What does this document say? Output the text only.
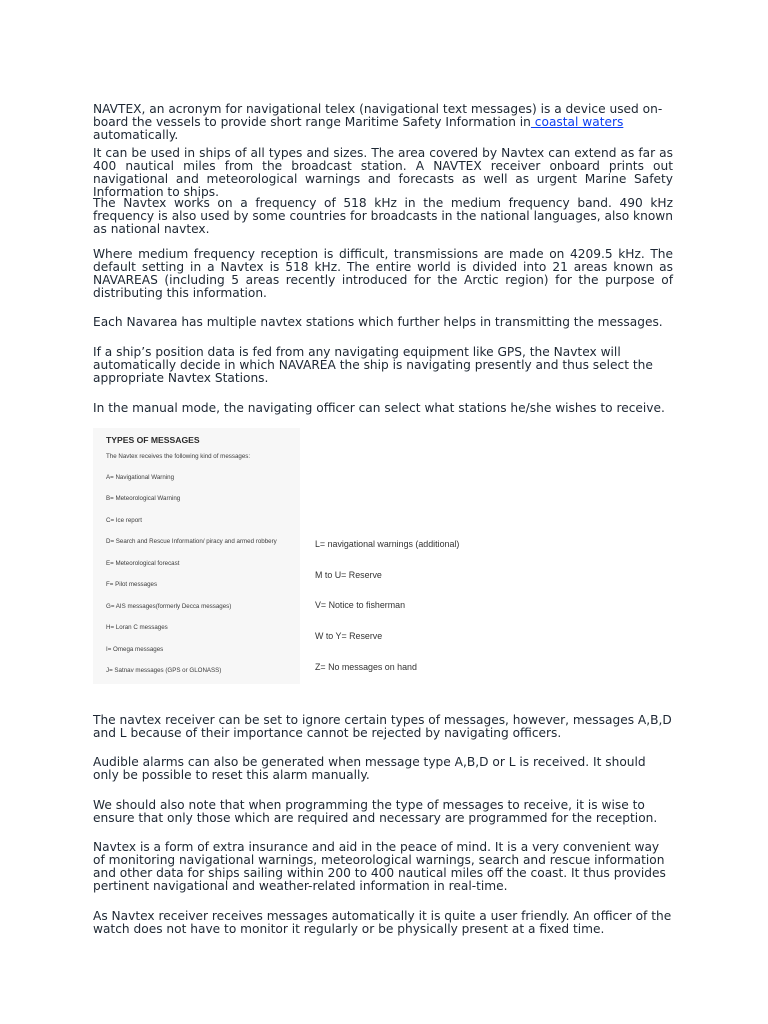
NAVTEX, an acronym for navigational telex (navigational text messages) is a device used on-board the vessels to provide short range Maritime Safety Information in coastal waters automatically.

It can be used in ships of all types and sizes. The area covered by Navtex can extend as far as 400 nautical miles from the broadcast station. A NAVTEX receiver onboard prints out navigational and meteorological warnings and forecasts as well as urgent Marine Safety Information to ships.

The Navtex works on a frequency of 518 kHz in the medium frequency band. 490 kHz frequency is also used by some countries for broadcasts in the national languages, also known as national navtex.

Where medium frequency reception is difficult, transmissions are made on 4209.5 kHz. The default setting in a Navtex is 518 kHz. The entire world is divided into 21 areas known as NAVAREAS (including 5 areas recently introduced for the Arctic region) for the purpose of distributing this information.

Each Navarea has multiple navtex stations which further helps in transmitting the messages.

If a ship’s position data is fed from any navigating equipment like GPS, the Navtex will automatically decide in which NAVAREA the ship is navigating presently and thus select the appropriate Navtex Stations.

In the manual mode, the navigating officer can select what stations he/she wishes to receive.

TYPES OF MESSAGES
The Navtex receives the following kind of messages:
A= Navigational Warning
B= Meteorological Warning
C= Ice report
D= Search and Rescue Information/ piracy and armed robbery
E= Meteorological forecast
F= Pilot messages
G= AIS messages(formerly Decca messages)
H= Loran C messages
I= Omega messages
J= Satnav messages (GPS or GLONASS)
L= navigational warnings (additional)
M to U= Reserve
V= Notice to fisherman
W to Y= Reserve
Z= No messages on hand

The navtex receiver can be set to ignore certain types of messages, however, messages A,B,D and L because of their importance cannot be rejected by navigating officers.

Audible alarms can also be generated when message type A,B,D or L is received. It should only be possible to reset this alarm manually.

We should also note that when programming the type of messages to receive, it is wise to ensure that only those which are required and necessary are programmed for the reception.

Navtex is a form of extra insurance and aid in the peace of mind. It is a very convenient way of monitoring navigational warnings, meteorological warnings, search and rescue information and other data for ships sailing within 200 to 400 nautical miles off the coast. It thus provides pertinent navigational and weather-related information in real-time.

As Navtex receiver receives messages automatically it is quite a user friendly. An officer of the watch does not have to monitor it regularly or be physically present at a fixed time.
